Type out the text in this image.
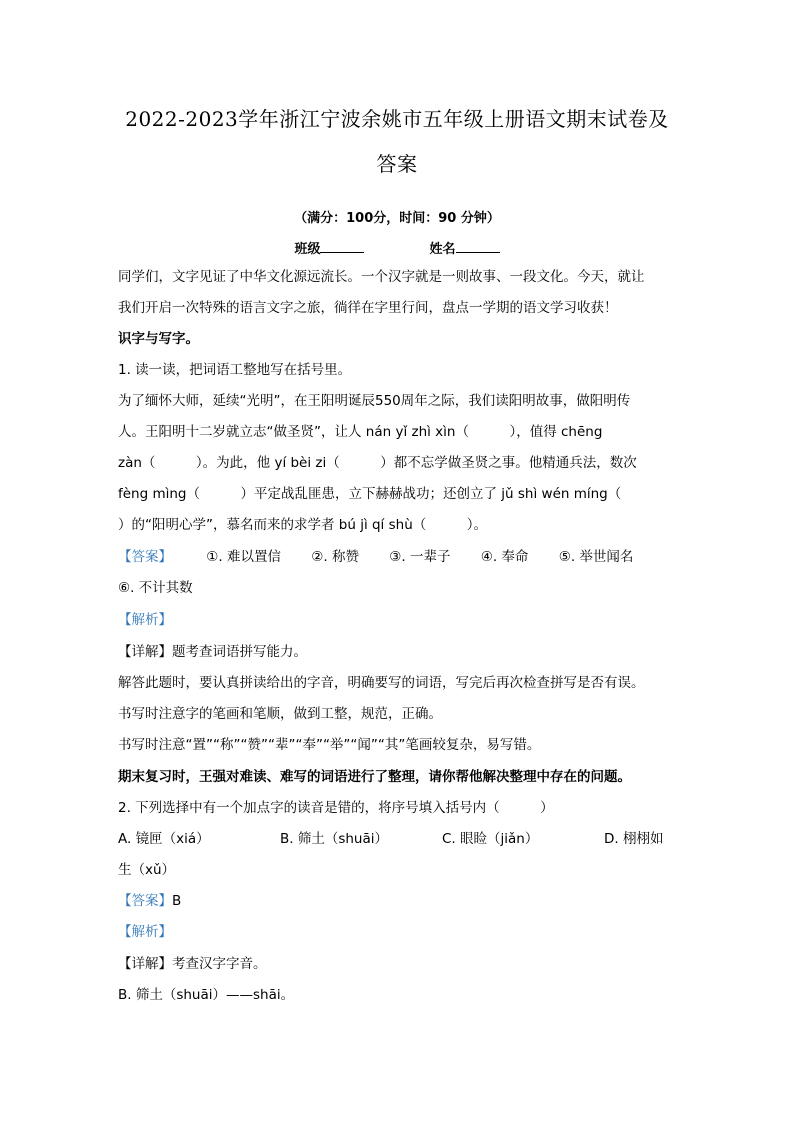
2022-2023学年浙江宁波余姚市五年级上册语文期末试卷及
答案
（满分：100分，时间：90 分钟）
班级	姓名
同学们，文字见证了中华文化源远流长。一个汉字就是一则故事、一段文化。今天，就让
我们开启一次特殊的语言文字之旅，徜徉在字里行间，盘点一学期的语文学习收获！
识字与写字。
1. 读一读，把词语工整地写在括号里。
为了缅怀大师，延续“光明”，在王阳明诞辰550周年之际，我们读阳明故事，做阳明传
人。王阳明十二岁就立志“做圣贤”，让人 nán yǐ zhì xìn（　　　），值得 chēng
zàn（　　　）。为此，他 yí bèi zi（　　　）都不忘学做圣贤之事。他精通兵法，数次
fèng mìng（　　　）平定战乱匪患，立下赫赫战功；还创立了 jǔ shì wén míng（
）的“阳明心学”，慕名而来的求学者 bú jì qí shù（　　　）。
【答案】	①. 难以置信 ②. 称赞 ③. 一辈子 ④. 奉命 ⑤. 举世闻名
⑥. 不计其数
【解析】
【详解】题考查词语拼写能力。
解答此题时，要认真拼读给出的字音，明确要写的词语，写完后再次检查拼写是否有误。
书写时注意字的笔画和笔顺，做到工整，规范，正确。
书写时注意“置”“称”“赞”“辈”“奉”“举”“闻”“其”笔画较复杂，易写错。
期末复习时，王强对难读、难写的词语进行了整理，请你帮他解决整理中存在的问题。
2. 下列选择中有一个加点字的读音是错的，将序号填入括号内（　　　）
A. 镜匣（xiá）	B. 筛土（shuāi）	C. 眼睑（jiǎn）	D. 栩栩如
生（xǔ）
【答案】B
【解析】
【详解】考查汉字字音。
B. 筛土（shuāi）——shāi。
